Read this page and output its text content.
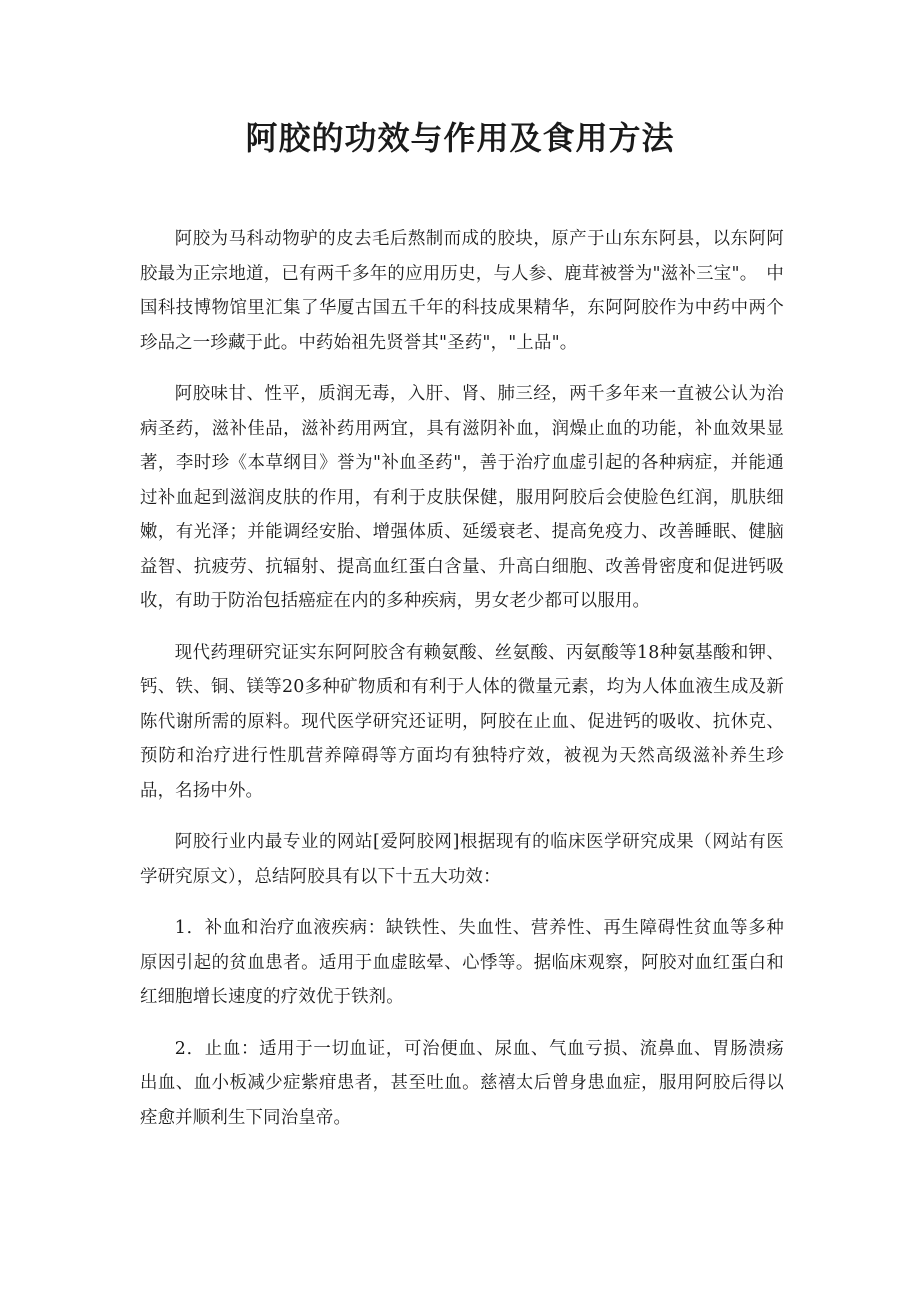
阿胶的功效与作用及食用方法

阿胶为马科动物驴的皮去毛后熬制而成的胶块，原产于山东东阿县，以东阿阿胶最为正宗地道，已有两千多年的应用历史，与人参、鹿茸被誉为"滋补三宝"。　中国科技博物馆里汇集了华厦古国五千年的科技成果精华，东阿阿胶作为中药中两个珍品之一珍藏于此。中药始祖先贤誉其"圣药"，"上品"。

阿胶味甘、性平，质润无毒，入肝、肾、肺三经，两千多年来一直被公认为治病圣药，滋补佳品，滋补药用两宜，具有滋阴补血，润燥止血的功能，补血效果显著，李时珍《本草纲目》誉为"补血圣药"，善于治疗血虚引起的各种病症，并能通过补血起到滋润皮肤的作用，有利于皮肤保健，服用阿胶后会使脸色红润，肌肤细嫩，有光泽；并能调经安胎、增强体质、延缓衰老、提高免疫力、改善睡眠、健脑益智、抗疲劳、抗辐射、提高血红蛋白含量、升高白细胞、改善骨密度和促进钙吸收，有助于防治包括癌症在内的多种疾病，男女老少都可以服用。

现代药理研究证实东阿阿胶含有赖氨酸、丝氨酸、丙氨酸等18种氨基酸和钾、钙、铁、铜、镁等20多种矿物质和有利于人体的微量元素，均为人体血液生成及新陈代谢所需的原料。现代医学研究还证明，阿胶在止血、促进钙的吸收、抗休克、预防和治疗进行性肌营养障碍等方面均有独特疗效，被视为天然高级滋补养生珍品，名扬中外。

阿胶行业内最专业的网站[爱阿胶网]根据现有的临床医学研究成果（网站有医学研究原文），总结阿胶具有以下十五大功效：

1．补血和治疗血液疾病：缺铁性、失血性、营养性、再生障碍性贫血等多种原因引起的贫血患者。适用于血虚眩晕、心悸等。据临床观察，阿胶对血红蛋白和红细胞增长速度的疗效优于铁剂。

2．止血：适用于一切血证，可治便血、尿血、气血亏损、流鼻血、胃肠溃疡出血、血小板减少症紫疳患者，甚至吐血。慈禧太后曾身患血症，服用阿胶后得以痊愈并顺利生下同治皇帝。
